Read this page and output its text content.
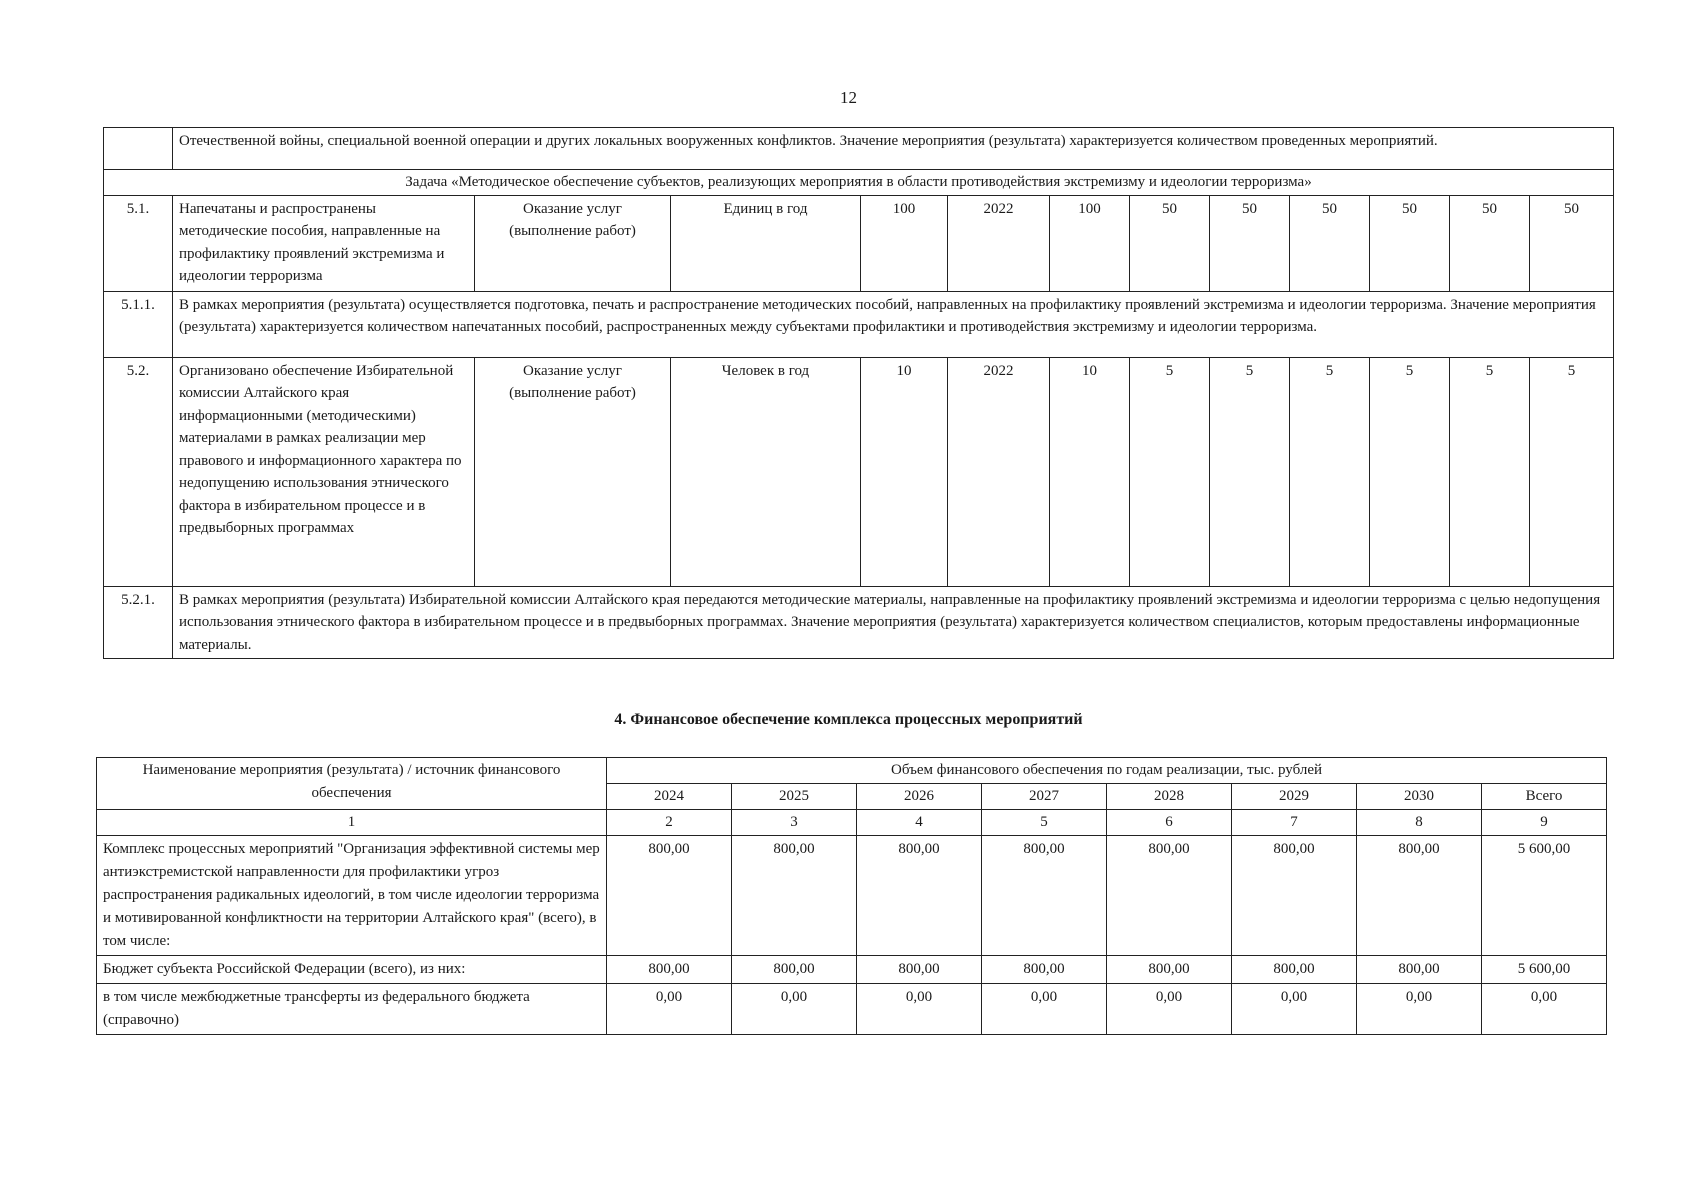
12
	Отечественной войны, специальной военной операции и других локальных вооруженных конфликтов. Значение мероприятия (результата) характеризуется количеством проведенных мероприятий.											
Задача «Методическое обеспечение субъектов, реализующих мероприятия в области противодействия экстремизму и идеологии терроризма»												
5.1.	Напечатаны и распространены методические пособия, направленные на профилактику проявлений экстремизма и идеологии терроризма	Оказание услуг (выполнение работ)	Единиц в год	100	2022	100	50	50	50	50	50	50
5.1.1.	В рамках мероприятия (результата) осуществляется подготовка, печать и распространение методических пособий, направленных на профилактику проявлений экстремизма и идеологии терроризма. Значение мероприятия (результата) характеризуется количеством напечатанных пособий, распространенных между субъектами профилактики и противодействия экстремизму и идеологии терроризма.											
5.2.	Организовано обеспечение Избирательной комиссии Алтайского края информационными (методическими) материалами в рамках реализации мер правового и информационного характера по недопущению использования этнического фактора в избирательном процессе и в предвыборных программах	Оказание услуг (выполнение работ)	Человек в год	10	2022	10	5	5	5	5	5	5
5.2.1.	В рамках мероприятия (результата) Избирательной комиссии Алтайского края передаются методические материалы, направленные на профилактику проявлений экстремизма и идеологии терроризма с целью недопущения использования этнического фактора в избирательном процессе и в предвыборных программах. Значение мероприятия (результата) характеризуется количеством специалистов, которым предоставлены информационные материалы.											
4. Финансовое обеспечение комплекса процессных мероприятий
Наименование мероприятия (результата) / источник финансового обеспечения	Объем финансового обеспечения по годам реализации, тыс. рублей							
	2024	2025	2026	2027	2028	2029	2030	Всего
1	2	3	4	5	6	7	8	9
Комплекс процессных мероприятий "Организация эффективной системы мер антиэкстремистской направленности для профилактики угроз распространения радикальных идеологий, в том числе идеологии терроризма и мотивированной конфликтности на территории Алтайского края" (всего), в том числе:	800,00	800,00	800,00	800,00	800,00	800,00	800,00	5 600,00
Бюджет субъекта Российской Федерации (всего), из них:	800,00	800,00	800,00	800,00	800,00	800,00	800,00	5 600,00
в том числе межбюджетные трансферты из федерального бюджета (справочно)	0,00	0,00	0,00	0,00	0,00	0,00	0,00	0,00
